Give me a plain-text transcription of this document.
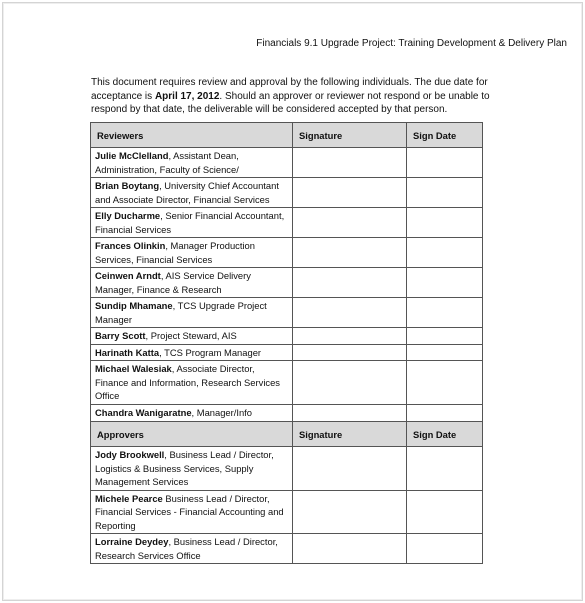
Financials 9.1 Upgrade Project: Training Development & Delivery Plan
This document requires review and approval by the following individuals. The due date for acceptance is April 17, 2012. Should an approver or reviewer not respond or be unable to respond by that date, the deliverable will be considered accepted by that person.
Reviewers	Signature	Sign Date
Julie McClelland, Assistant Dean, Administration, Faculty of Science/		
Brian Boytang, University Chief Accountant and Associate Director, Financial Services		
Elly Ducharme, Senior Financial Accountant, Financial Services		
Frances Olinkin, Manager Production Services, Financial Services		
Ceinwen Arndt, AIS Service Delivery Manager, Finance & Research		
Sundip Mhamane, TCS Upgrade Project Manager		
Barry Scott, Project Steward, AIS		
Harinath Katta, TCS Program Manager		
Michael Walesiak, Associate Director, Finance and Information, Research Services Office		
Chandra Wanigaratne, Manager/Info		
Approvers	Signature	Sign Date
Jody Brookwell, Business Lead / Director, Logistics & Business Services, Supply Management Services		
Michele Pearce Business Lead / Director, Financial Services - Financial Accounting and Reporting		
Lorraine Deydey, Business Lead / Director, Research Services Office		
